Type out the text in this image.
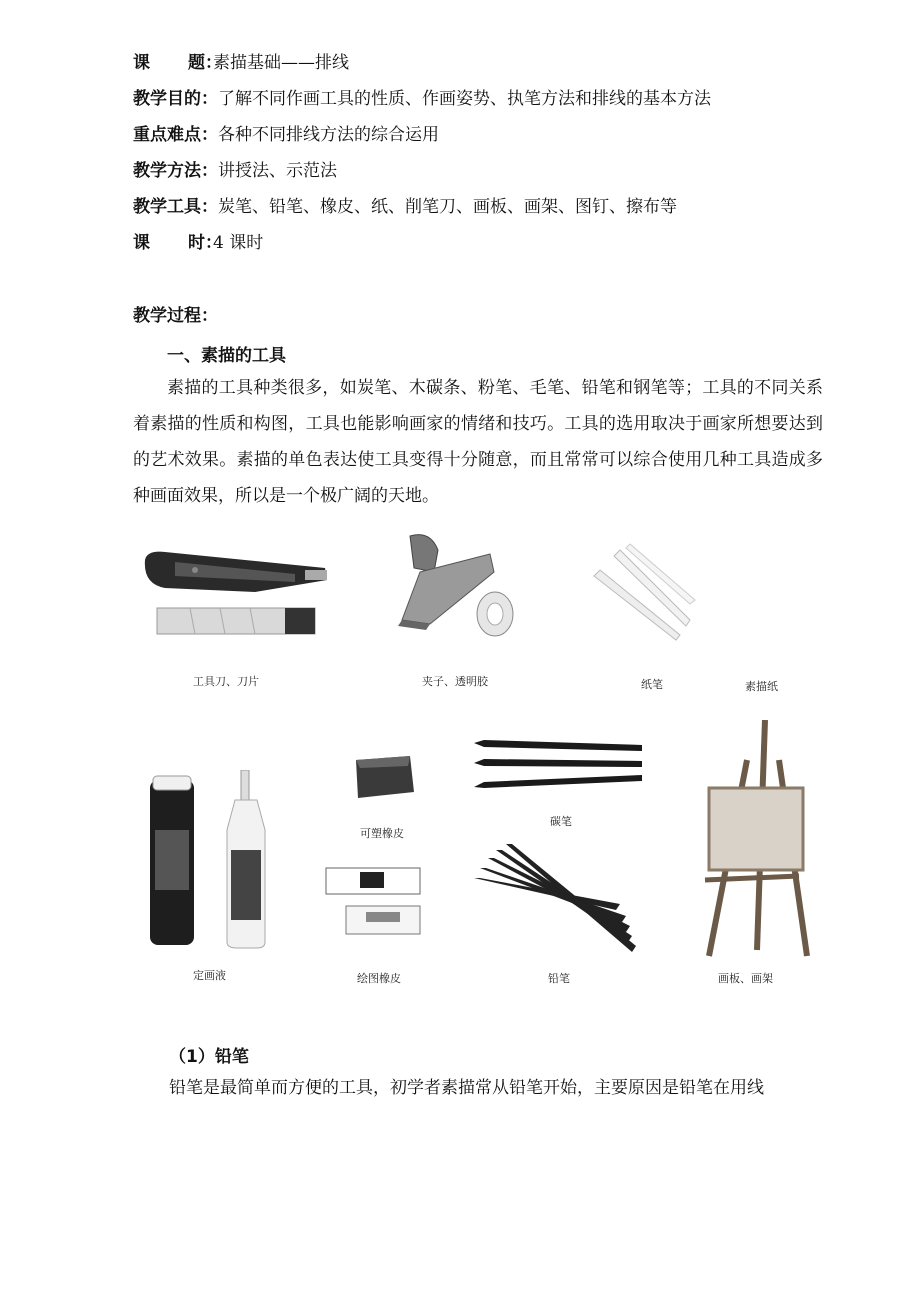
课 题：素描基础——排线
教学目的：了解不同作画工具的性质、作画姿势、执笔方法和排线的基本方法
重点难点：各种不同排线方法的综合运用
教学方法：讲授法、示范法
教学工具：炭笔、铅笔、橡皮、纸、削笔刀、画板、画架、图钉、擦布等
课 时：4 课时
教学过程：
一、素描的工具
素描的工具种类很多，如炭笔、木碳条、粉笔、毛笔、铅笔和钢笔等；工具的不同关系着素描的性质和构图，工具也能影响画家的情绪和技巧。工具的选用取决于画家所想要达到的艺术效果。素描的单色表达使工具变得十分随意，而且常常可以综合使用几种工具造成多种画面效果，所以是一个极广阔的天地。
工具刀、刀片	夹子、透明胶	纸笔	素描纸
定画液
可塑橡皮
绘图橡皮
碳笔
铅笔	画板、画架
（1）铅笔
铅笔是最简单而方便的工具，初学者素描常从铅笔开始，主要原因是铅笔在用线
